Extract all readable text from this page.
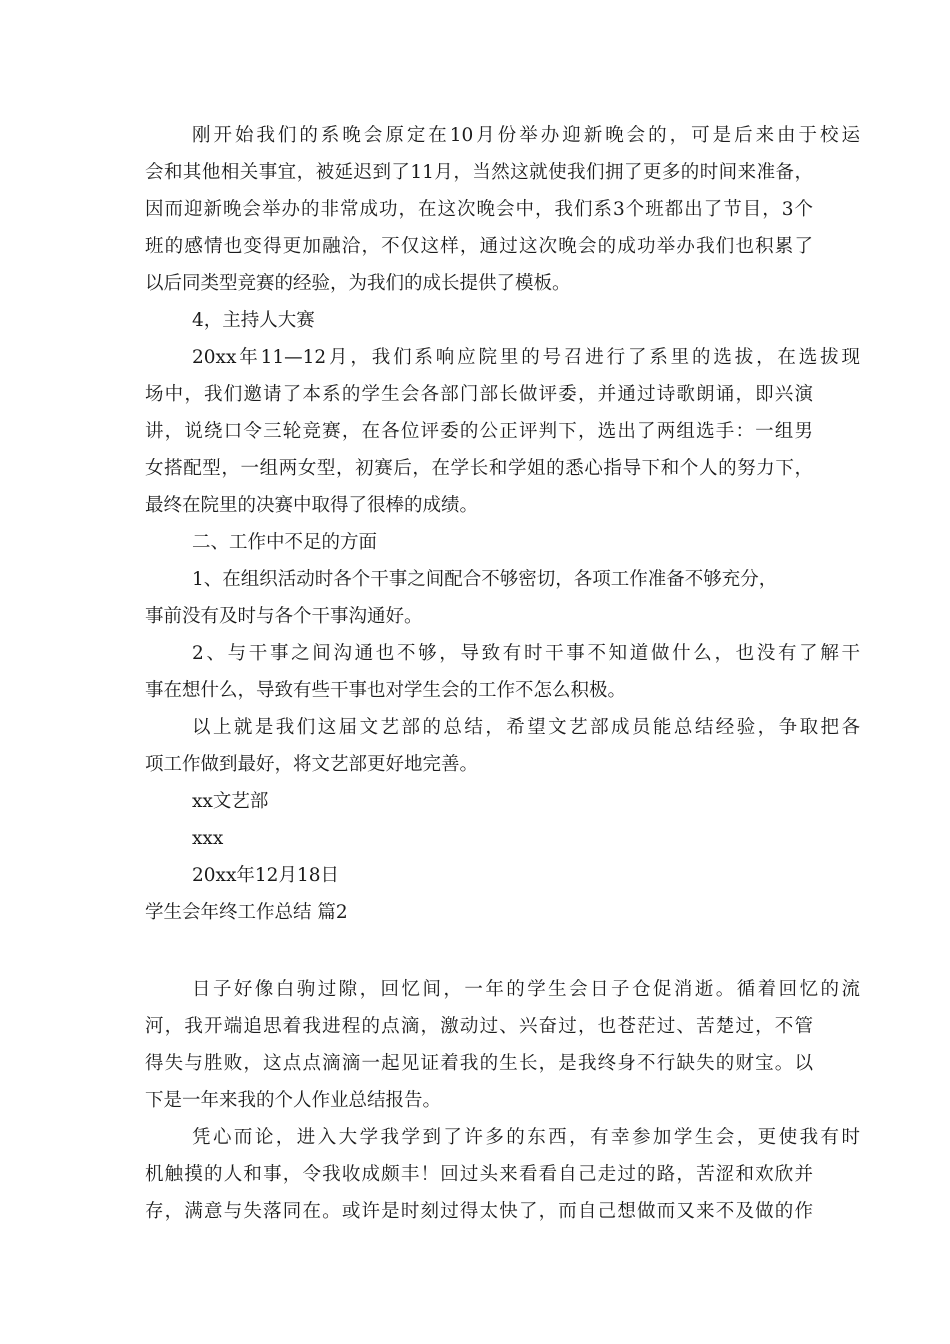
刚开始我们的系晚会原定在10月份举办迎新晚会的，可是后来由于校运

会和其他相关事宜，被延迟到了11月，当然这就使我们拥了更多的时间来准备，

因而迎新晚会举办的非常成功，在这次晚会中，我们系3个班都出了节目，3个

班的感情也变得更加融洽，不仅这样，通过这次晚会的成功举办我们也积累了

以后同类型竞赛的经验，为我们的成长提供了模板。

4，主持人大赛

20xx年11—12月，我们系响应院里的号召进行了系里的选拔，在选拔现

场中，我们邀请了本系的学生会各部门部长做评委，并通过诗歌朗诵，即兴演

讲，说绕口令三轮竞赛，在各位评委的公正评判下，选出了两组选手：一组男

女搭配型，一组两女型，初赛后，在学长和学姐的悉心指导下和个人的努力下，

最终在院里的决赛中取得了很棒的成绩。

二、工作中不足的方面

1、在组织活动时各个干事之间配合不够密切，各项工作准备不够充分，

事前没有及时与各个干事沟通好。

2、与干事之间沟通也不够，导致有时干事不知道做什么，也没有了解干

事在想什么，导致有些干事也对学生会的工作不怎么积极。

以上就是我们这届文艺部的总结，希望文艺部成员能总结经验，争取把各

项工作做到最好，将文艺部更好地完善。

xx文艺部

xxx

20xx年12月18日

学生会年终工作总结 篇2

日子好像白驹过隙，回忆间，一年的学生会日子仓促消逝。循着回忆的流

河，我开端追思着我进程的点滴，激动过、兴奋过，也苍茫过、苦楚过，不管

得失与胜败，这点点滴滴一起见证着我的生长，是我终身不行缺失的财宝。以

下是一年来我的个人作业总结报告。

凭心而论，进入大学我学到了许多的东西，有幸参加学生会，更使我有时

机触摸的人和事，令我收成颇丰！回过头来看看自己走过的路，苦涩和欢欣并

存，满意与失落同在。或许是时刻过得太快了，而自己想做而又来不及做的作
